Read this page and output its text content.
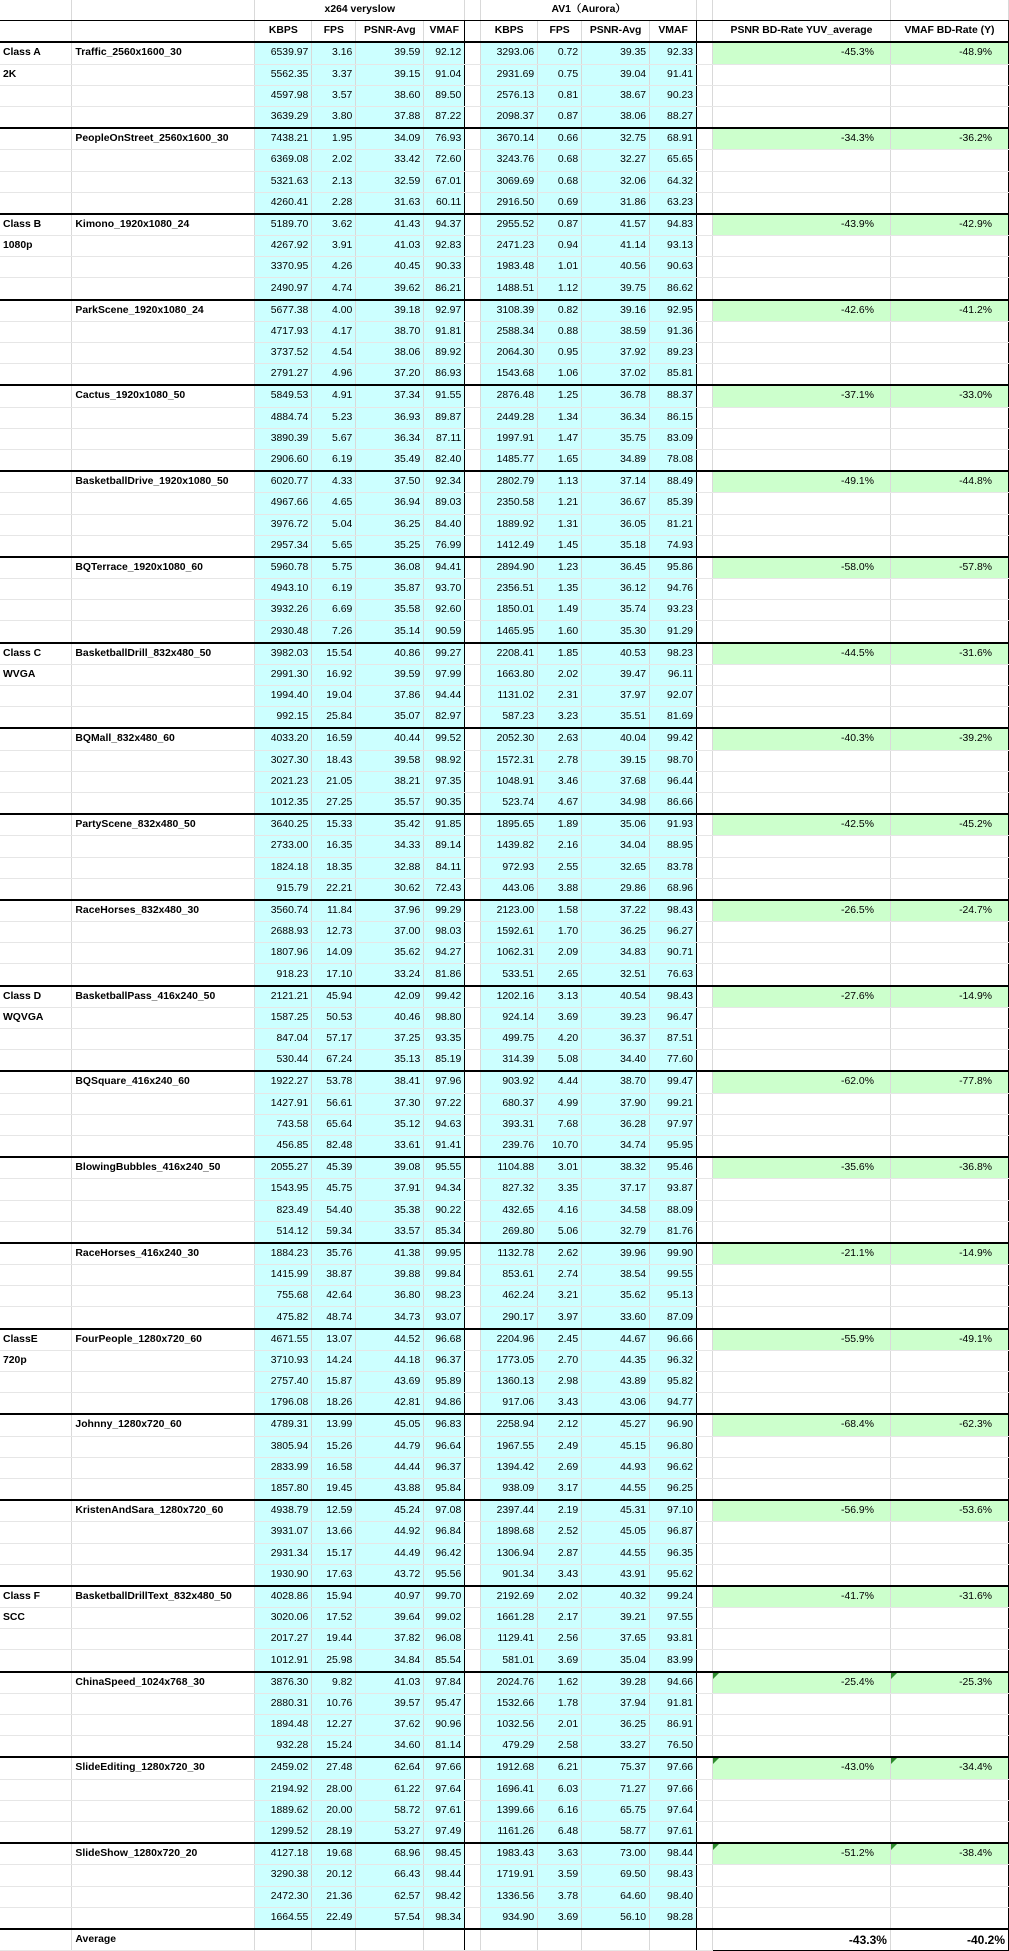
		x264 veryslow					AV1（Aurora）						
		KBPS	FPS	PSNR-Avg	VMAF		KBPS	FPS	PSNR-Avg	VMAF		PSNR BD-Rate YUV_average	VMAF BD-Rate (Y)
Class A	Traffic_2560x1600_30	6539.97	3.16	39.59	92.12		3293.06	0.72	39.35	92.33		-45.3%	-48.9%
2K		5562.35	3.37	39.15	91.04		2931.69	0.75	39.04	91.41			
		4597.98	3.57	38.60	89.50		2576.13	0.81	38.67	90.23			
		3639.29	3.80	37.88	87.22		2098.37	0.87	38.06	88.27			
	PeopleOnStreet_2560x1600_30	7438.21	1.95	34.09	76.93		3670.14	0.66	32.75	68.91		-34.3%	-36.2%
		6369.08	2.02	33.42	72.60		3243.76	0.68	32.27	65.65			
		5321.63	2.13	32.59	67.01		3069.69	0.68	32.06	64.32			
		4260.41	2.28	31.63	60.11		2916.50	0.69	31.86	63.23			
Class B	Kimono_1920x1080_24	5189.70	3.62	41.43	94.37		2955.52	0.87	41.57	94.83		-43.9%	-42.9%
1080p		4267.92	3.91	41.03	92.83		2471.23	0.94	41.14	93.13			
		3370.95	4.26	40.45	90.33		1983.48	1.01	40.56	90.63			
		2490.97	4.74	39.62	86.21		1488.51	1.12	39.75	86.62			
	ParkScene_1920x1080_24	5677.38	4.00	39.18	92.97		3108.39	0.82	39.16	92.95		-42.6%	-41.2%
		4717.93	4.17	38.70	91.81		2588.34	0.88	38.59	91.36			
		3737.52	4.54	38.06	89.92		2064.30	0.95	37.92	89.23			
		2791.27	4.96	37.20	86.93		1543.68	1.06	37.02	85.81			
	Cactus_1920x1080_50	5849.53	4.91	37.34	91.55		2876.48	1.25	36.78	88.37		-37.1%	-33.0%
		4884.74	5.23	36.93	89.87		2449.28	1.34	36.34	86.15			
		3890.39	5.67	36.34	87.11		1997.91	1.47	35.75	83.09			
		2906.60	6.19	35.49	82.40		1485.77	1.65	34.89	78.08			
	BasketballDrive_1920x1080_50	6020.77	4.33	37.50	92.34		2802.79	1.13	37.14	88.49		-49.1%	-44.8%
		4967.66	4.65	36.94	89.03		2350.58	1.21	36.67	85.39			
		3976.72	5.04	36.25	84.40		1889.92	1.31	36.05	81.21			
		2957.34	5.65	35.25	76.99		1412.49	1.45	35.18	74.93			
	BQTerrace_1920x1080_60	5960.78	5.75	36.08	94.41		2894.90	1.23	36.45	95.86		-58.0%	-57.8%
		4943.10	6.19	35.87	93.70		2356.51	1.35	36.12	94.76			
		3932.26	6.69	35.58	92.60		1850.01	1.49	35.74	93.23			
		2930.48	7.26	35.14	90.59		1465.95	1.60	35.30	91.29			
Class C	BasketballDrill_832x480_50	3982.03	15.54	40.86	99.27		2208.41	1.85	40.53	98.23		-44.5%	-31.6%
WVGA		2991.30	16.92	39.59	97.99		1663.80	2.02	39.47	96.11			
		1994.40	19.04	37.86	94.44		1131.02	2.31	37.97	92.07			
		992.15	25.84	35.07	82.97		587.23	3.23	35.51	81.69			
	BQMall_832x480_60	4033.20	16.59	40.44	99.52		2052.30	2.63	40.04	99.42		-40.3%	-39.2%
		3027.30	18.43	39.58	98.92		1572.31	2.78	39.15	98.70			
		2021.23	21.05	38.21	97.35		1048.91	3.46	37.68	96.44			
		1012.35	27.25	35.57	90.35		523.74	4.67	34.98	86.66			
	PartyScene_832x480_50	3640.25	15.33	35.42	91.85		1895.65	1.89	35.06	91.93		-42.5%	-45.2%
		2733.00	16.35	34.33	89.14		1439.82	2.16	34.04	88.95			
		1824.18	18.35	32.88	84.11		972.93	2.55	32.65	83.78			
		915.79	22.21	30.62	72.43		443.06	3.88	29.86	68.96			
	RaceHorses_832x480_30	3560.74	11.84	37.96	99.29		2123.00	1.58	37.22	98.43		-26.5%	-24.7%
		2688.93	12.73	37.00	98.03		1592.61	1.70	36.25	96.27			
		1807.96	14.09	35.62	94.27		1062.31	2.09	34.83	90.71			
		918.23	17.10	33.24	81.86		533.51	2.65	32.51	76.63			
Class D	BasketballPass_416x240_50	2121.21	45.94	42.09	99.42		1202.16	3.13	40.54	98.43		-27.6%	-14.9%
WQVGA		1587.25	50.53	40.46	98.80		924.14	3.69	39.23	96.47			
		847.04	57.17	37.25	93.35		499.75	4.20	36.37	87.51			
		530.44	67.24	35.13	85.19		314.39	5.08	34.40	77.60			
	BQSquare_416x240_60	1922.27	53.78	38.41	97.96		903.92	4.44	38.70	99.47		-62.0%	-77.8%
		1427.91	56.61	37.30	97.22		680.37	4.99	37.90	99.21			
		743.58	65.64	35.12	94.63		393.31	7.68	36.28	97.97			
		456.85	82.48	33.61	91.41		239.76	10.70	34.74	95.95			
	BlowingBubbles_416x240_50	2055.27	45.39	39.08	95.55		1104.88	3.01	38.32	95.46		-35.6%	-36.8%
		1543.95	45.75	37.91	94.34		827.32	3.35	37.17	93.87			
		823.49	54.40	35.38	90.22		432.65	4.16	34.58	88.09			
		514.12	59.34	33.57	85.34		269.80	5.06	32.79	81.76			
	RaceHorses_416x240_30	1884.23	35.76	41.38	99.95		1132.78	2.62	39.96	99.90		-21.1%	-14.9%
		1415.99	38.87	39.88	99.84		853.61	2.74	38.54	99.55			
		755.68	42.64	36.80	98.23		462.24	3.21	35.62	95.13			
		475.82	48.74	34.73	93.07		290.17	3.97	33.60	87.09			
ClassE	FourPeople_1280x720_60	4671.55	13.07	44.52	96.68		2204.96	2.45	44.67	96.66		-55.9%	-49.1%
720p		3710.93	14.24	44.18	96.37		1773.05	2.70	44.35	96.32			
		2757.40	15.87	43.69	95.89		1360.13	2.98	43.89	95.82			
		1796.08	18.26	42.81	94.86		917.06	3.43	43.06	94.77			
	Johnny_1280x720_60	4789.31	13.99	45.05	96.83		2258.94	2.12	45.27	96.90		-68.4%	-62.3%
		3805.94	15.26	44.79	96.64		1967.55	2.49	45.15	96.80			
		2833.99	16.58	44.44	96.37		1394.42	2.69	44.93	96.62			
		1857.80	19.45	43.88	95.84		938.09	3.17	44.55	96.25			
	KristenAndSara_1280x720_60	4938.79	12.59	45.24	97.08		2397.44	2.19	45.31	97.10		-56.9%	-53.6%
		3931.07	13.66	44.92	96.84		1898.68	2.52	45.05	96.87			
		2931.34	15.17	44.49	96.42		1306.94	2.87	44.55	96.35			
		1930.90	17.63	43.72	95.56		901.34	3.43	43.91	95.62			
Class F	BasketballDrillText_832x480_50	4028.86	15.94	40.97	99.70		2192.69	2.02	40.32	99.24		-41.7%	-31.6%
SCC		3020.06	17.52	39.64	99.02		1661.28	2.17	39.21	97.55			
		2017.27	19.44	37.82	96.08		1129.41	2.56	37.65	93.81			
		1012.91	25.98	34.84	85.54		581.01	3.69	35.04	83.99			
	ChinaSpeed_1024x768_30	3876.30	9.82	41.03	97.84		2024.76	1.62	39.28	94.66		-25.4%	-25.3%
		2880.31	10.76	39.57	95.47		1532.66	1.78	37.94	91.81			
		1894.48	12.27	37.62	90.96		1032.56	2.01	36.25	86.91			
		932.28	15.24	34.60	81.14		479.29	2.58	33.27	76.50			
	SlideEditing_1280x720_30	2459.02	27.48	62.64	97.66		1912.68	6.21	75.37	97.66		-43.0%	-34.4%
		2194.92	28.00	61.22	97.64		1696.41	6.03	71.27	97.66			
		1889.62	20.00	58.72	97.61		1399.66	6.16	65.75	97.64			
		1299.52	28.19	53.27	97.49		1161.26	6.48	58.77	97.61			
	SlideShow_1280x720_20	4127.18	19.68	68.96	98.45		1983.43	3.63	73.00	98.44		-51.2%	-38.4%
		3290.38	20.12	66.43	98.44		1719.91	3.59	69.50	98.43			
		2472.30	21.36	62.57	98.42		1336.56	3.78	64.60	98.40			
		1664.55	22.49	57.54	98.34		934.90	3.69	56.10	98.28			
	Average											-43.3%	-40.2%
